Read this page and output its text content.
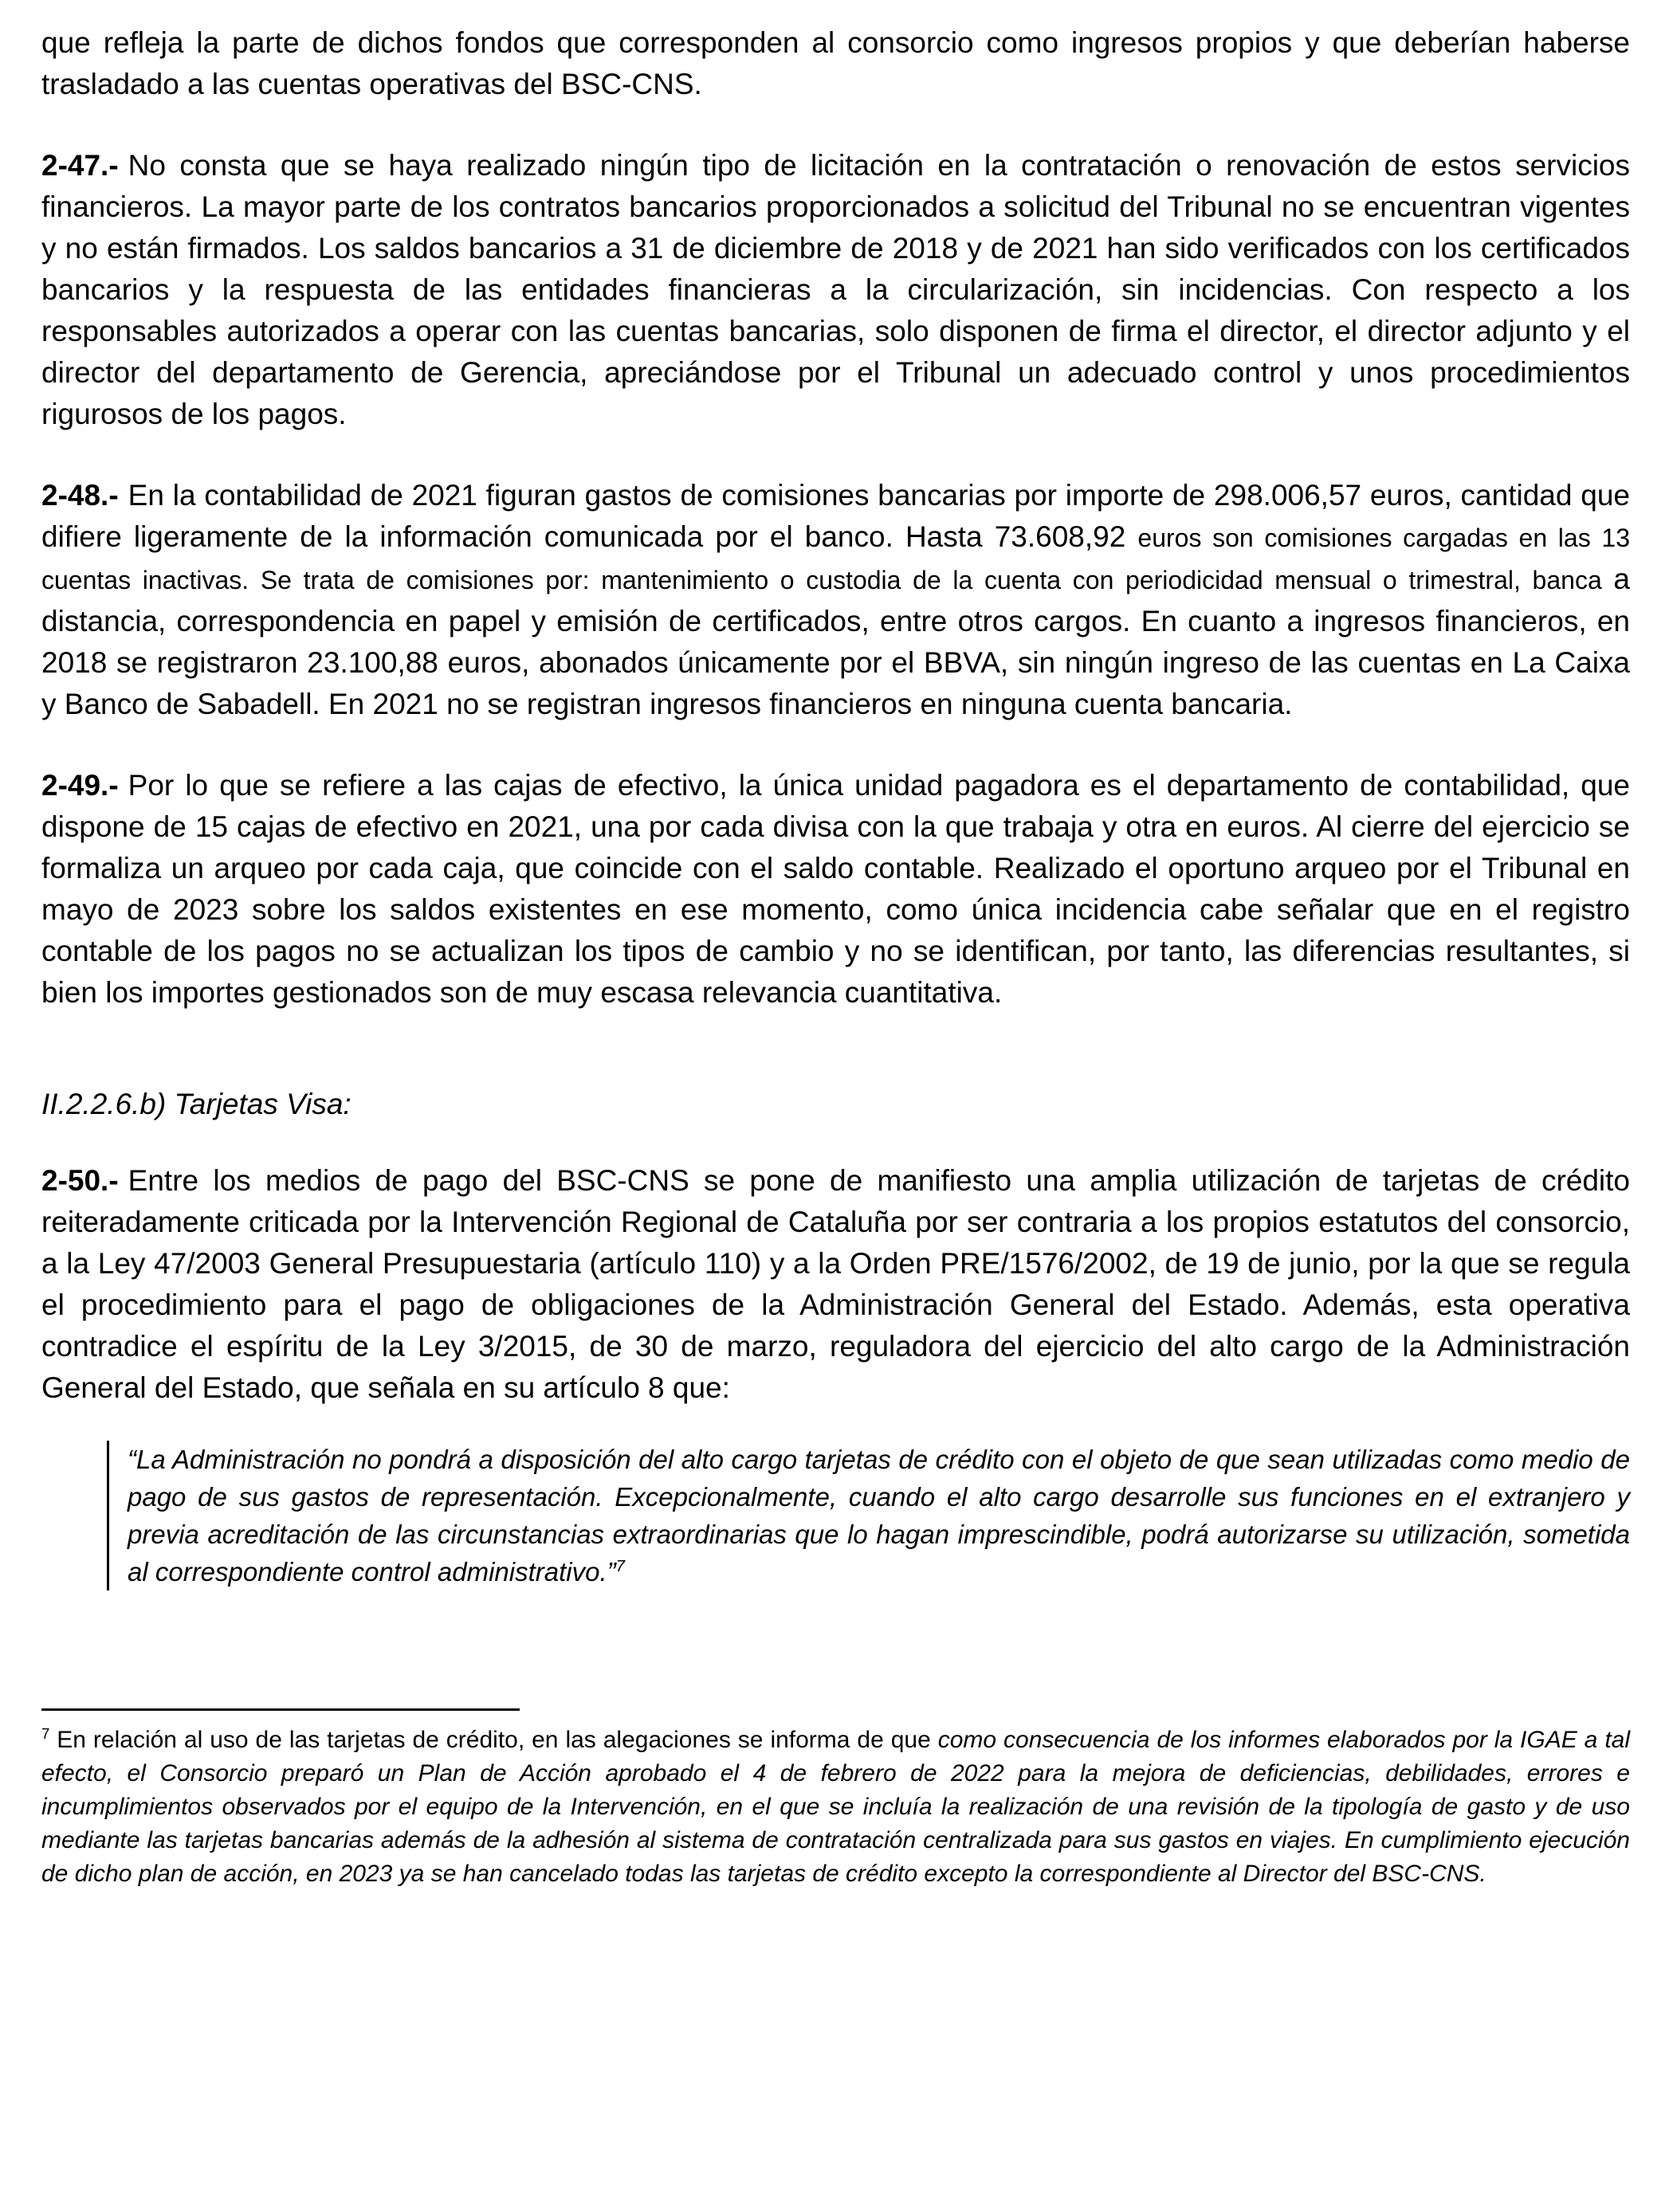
que refleja la parte de dichos fondos que corresponden al consorcio como ingresos propios y que deberían haberse trasladado a las cuentas operativas del BSC-CNS.

2-47.- No consta que se haya realizado ningún tipo de licitación en la contratación o renovación de estos servicios financieros. La mayor parte de los contratos bancarios proporcionados a solicitud del Tribunal no se encuentran vigentes y no están firmados. Los saldos bancarios a 31 de diciembre de 2018 y de 2021 han sido verificados con los certificados bancarios y la respuesta de las entidades financieras a la circularización, sin incidencias. Con respecto a los responsables autorizados a operar con las cuentas bancarias, solo disponen de firma el director, el director adjunto y el director del departamento de Gerencia, apreciándose por el Tribunal un adecuado control y unos procedimientos rigurosos de los pagos.

2-48.- En la contabilidad de 2021 figuran gastos de comisiones bancarias por importe de 298.006,57 euros, cantidad que difiere ligeramente de la información comunicada por el banco. Hasta 73.608,92 euros son comisiones cargadas en las 13 cuentas inactivas. Se trata de comisiones por: mantenimiento o custodia de la cuenta con periodicidad mensual o trimestral, banca a distancia, correspondencia en papel y emisión de certificados, entre otros cargos. En cuanto a ingresos financieros, en 2018 se registraron 23.100,88 euros, abonados únicamente por el BBVA, sin ningún ingreso de las cuentas en La Caixa y Banco de Sabadell. En 2021 no se registran ingresos financieros en ninguna cuenta bancaria.

2-49.- Por lo que se refiere a las cajas de efectivo, la única unidad pagadora es el departamento de contabilidad, que dispone de 15 cajas de efectivo en 2021, una por cada divisa con la que trabaja y otra en euros. Al cierre del ejercicio se formaliza un arqueo por cada caja, que coincide con el saldo contable. Realizado el oportuno arqueo por el Tribunal en mayo de 2023 sobre los saldos existentes en ese momento, como única incidencia cabe señalar que en el registro contable de los pagos no se actualizan los tipos de cambio y no se identifican, por tanto, las diferencias resultantes, si bien los importes gestionados son de muy escasa relevancia cuantitativa.

II.2.2.6.b) Tarjetas Visa:

2-50.- Entre los medios de pago del BSC-CNS se pone de manifiesto una amplia utilización de tarjetas de crédito reiteradamente criticada por la Intervención Regional de Cataluña por ser contraria a los propios estatutos del consorcio, a la Ley 47/2003 General Presupuestaria (artículo 110) y a la Orden PRE/1576/2002, de 19 de junio, por la que se regula el procedimiento para el pago de obligaciones de la Administración General del Estado. Además, esta operativa contradice el espíritu de la Ley 3/2015, de 30 de marzo, reguladora del ejercicio del alto cargo de la Administración General del Estado, que señala en su artículo 8 que:

“La Administración no pondrá a disposición del alto cargo tarjetas de crédito con el objeto de que sean utilizadas como medio de pago de sus gastos de representación. Excepcionalmente, cuando el alto cargo desarrolle sus funciones en el extranjero y previa acreditación de las circunstancias extraordinarias que lo hagan imprescindible, podrá autorizarse su utilización, sometida al correspondiente control administrativo.”$^7$

$^7$ En relación al uso de las tarjetas de crédito, en las alegaciones se informa de que como consecuencia de los informes elaborados por la IGAE a tal efecto, el Consorcio preparó un Plan de Acción aprobado el 4 de febrero de 2022 para la mejora de deficiencias, debilidades, errores e incumplimientos observados por el equipo de la Intervención, en el que se incluía la realización de una revisión de la tipología de gasto y de uso mediante las tarjetas bancarias además de la adhesión al sistema de contratación centralizada para sus gastos en viajes. En cumplimiento ejecución de dicho plan de acción, en 2023 ya se han cancelado todas las tarjetas de crédito excepto la correspondiente al Director del BSC-CNS.
